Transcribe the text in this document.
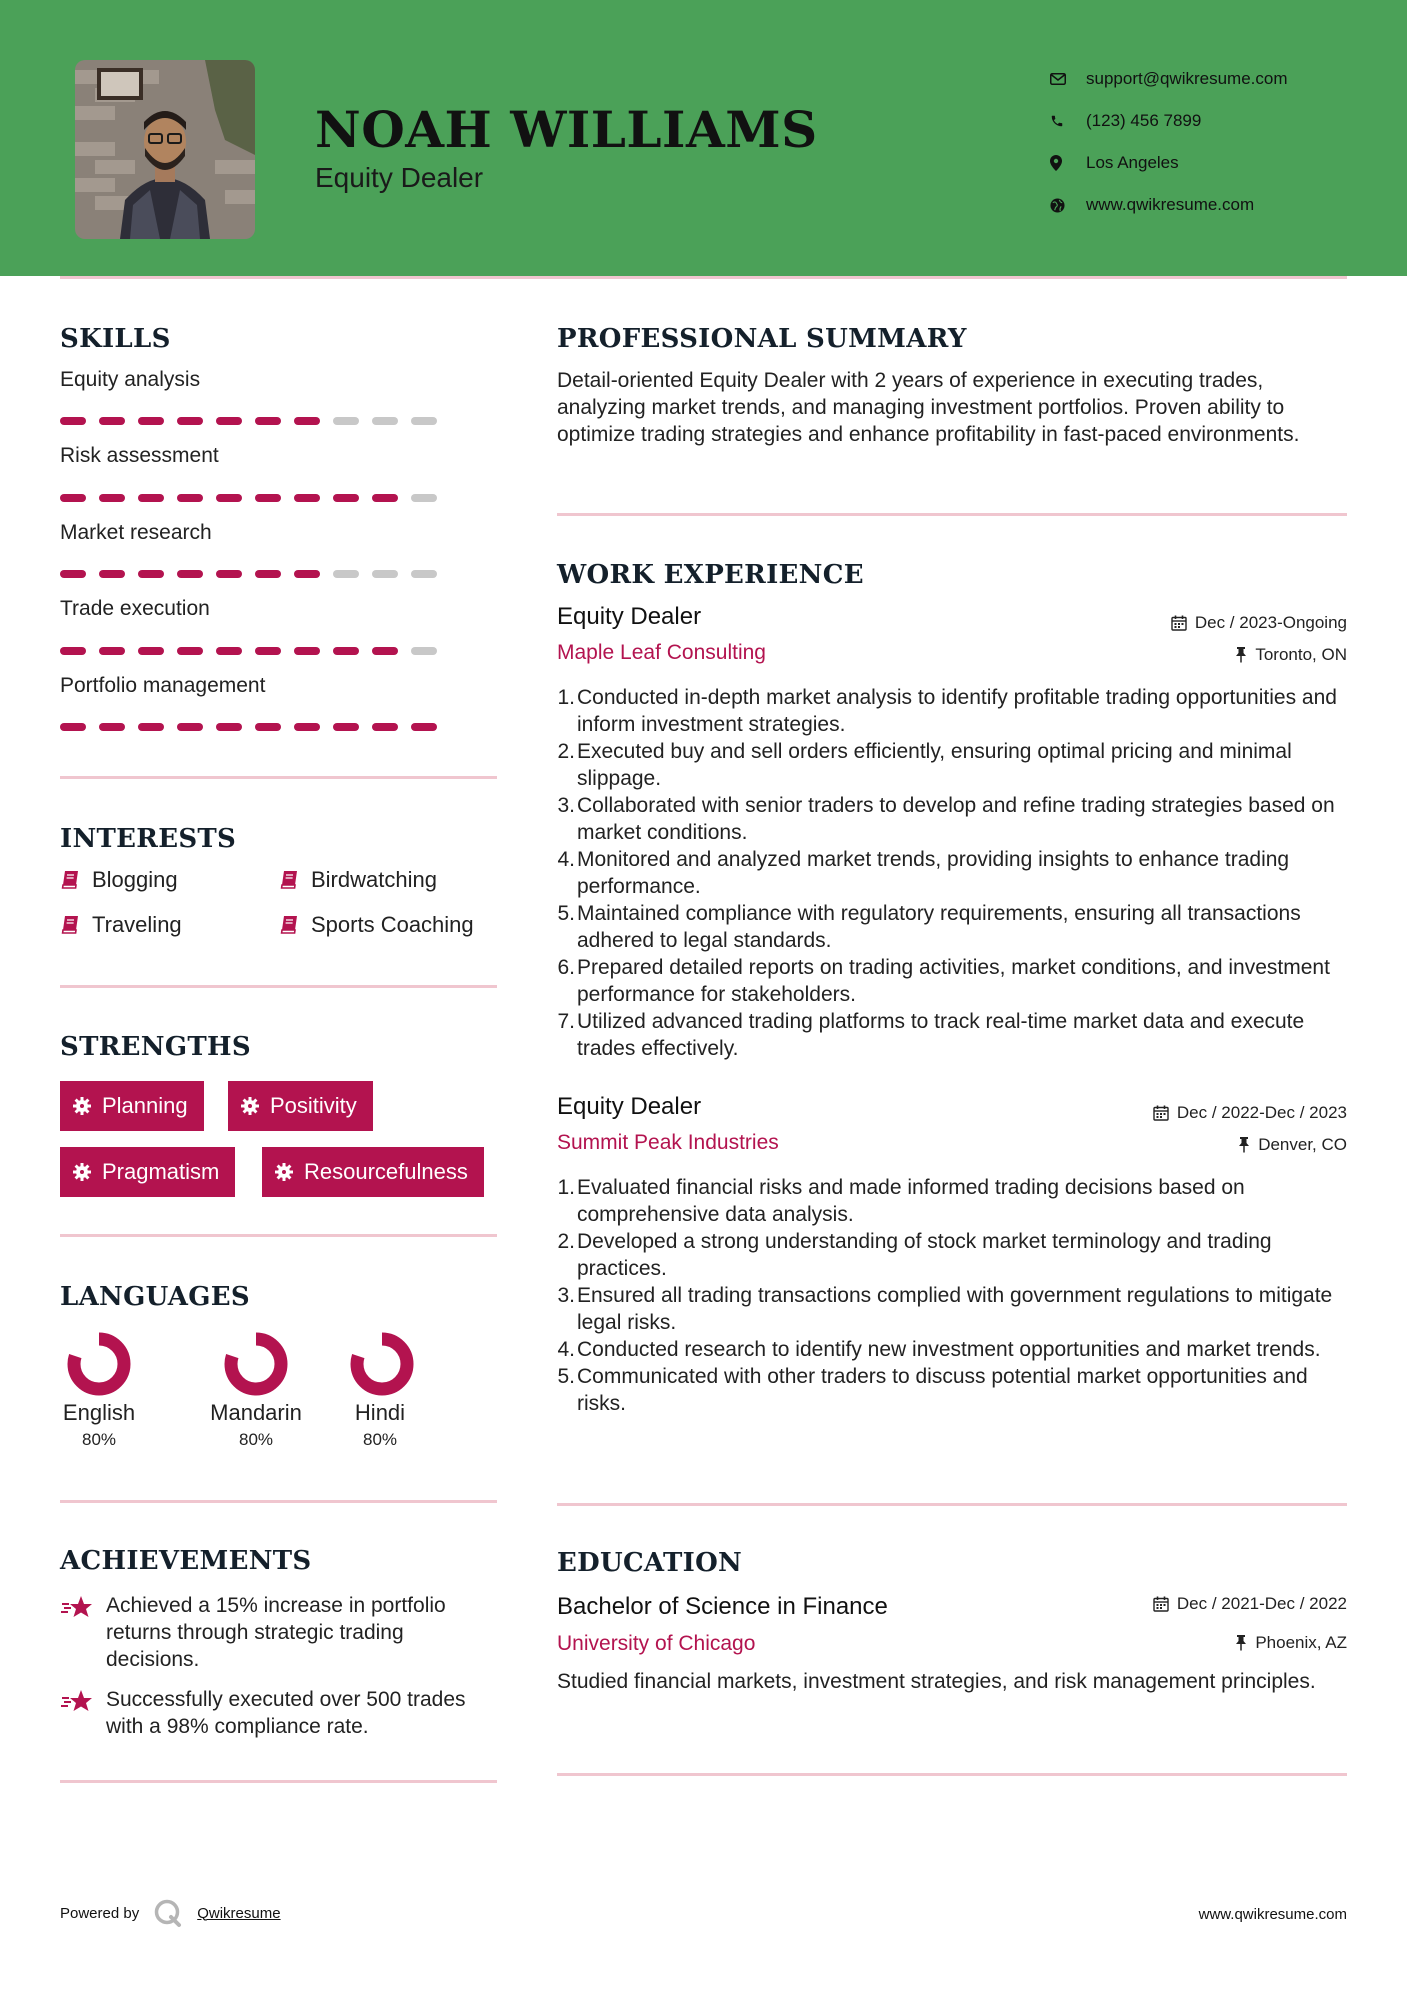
NOAH WILLIAMS
Equity Dealer
support@qwikresume.com
(123) 456 7899
Los Angeles
www.qwikresume.com
SKILLS
Equity analysis
Risk assessment
Market research
Trade execution
Portfolio management
INTERESTS
Blogging	Birdwatching
Traveling	Sports Coaching
STRENGTHS
Planning	Positivity
Pragmatism	Resourcefulness
LANGUAGES
English
80%
Mandarin
80%
Hindi
80%
ACHIEVEMENTS
Achieved a 15% increase in portfolio returns through strategic trading decisions.
Successfully executed over 500 trades with a 98% compliance rate.
PROFESSIONAL SUMMARY
Detail-oriented Equity Dealer with 2 years of experience in executing trades, analyzing market trends, and managing investment portfolios. Proven ability to optimize trading strategies and enhance profitability in fast-paced environments.
WORK EXPERIENCE
Equity Dealer	Dec / 2023-Ongoing
Maple Leaf Consulting	Toronto, ON
1. Conducted in-depth market analysis to identify profitable trading opportunities and inform investment strategies.
2. Executed buy and sell orders efficiently, ensuring optimal pricing and minimal slippage.
3. Collaborated with senior traders to develop and refine trading strategies based on market conditions.
4. Monitored and analyzed market trends, providing insights to enhance trading performance.
5. Maintained compliance with regulatory requirements, ensuring all transactions adhered to legal standards.
6. Prepared detailed reports on trading activities, market conditions, and investment performance for stakeholders.
7. Utilized advanced trading platforms to track real-time market data and execute trades effectively.
Equity Dealer	Dec / 2022-Dec / 2023
Summit Peak Industries	Denver, CO
1. Evaluated financial risks and made informed trading decisions based on comprehensive data analysis.
2. Developed a strong understanding of stock market terminology and trading practices.
3. Ensured all trading transactions complied with government regulations to mitigate legal risks.
4. Conducted research to identify new investment opportunities and market trends.
5. Communicated with other traders to discuss potential market opportunities and risks.
EDUCATION
Bachelor of Science in Finance	Dec / 2021-Dec / 2022
University of Chicago	Phoenix, AZ
Studied financial markets, investment strategies, and risk management principles.
Powered by	Qwikresume	www.qwikresume.com
